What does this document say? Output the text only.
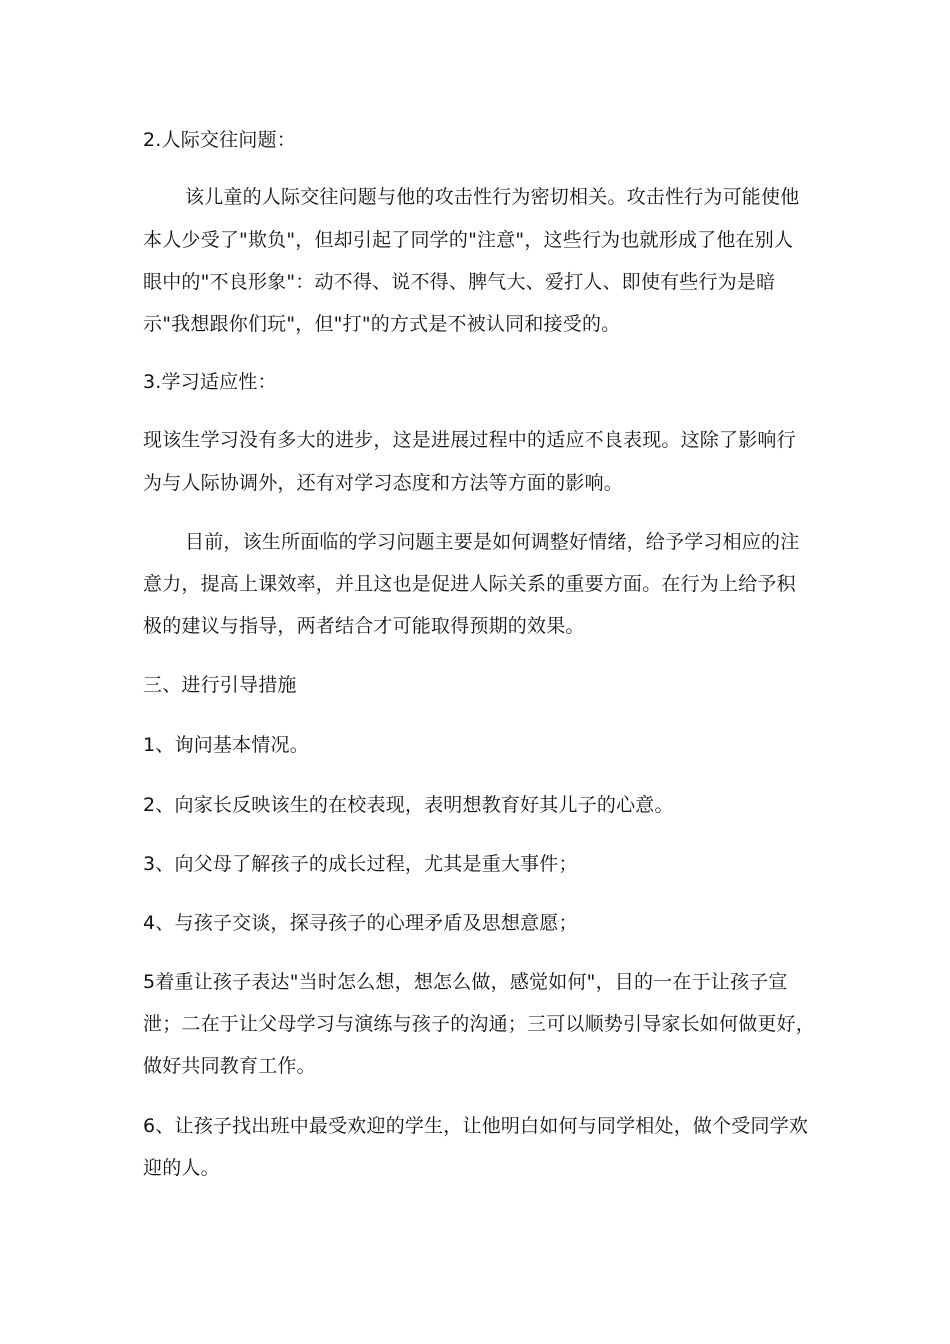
2.人际交往问题：
该儿童的人际交往问题与他的攻击性行为密切相关。攻击性行为可能使他
本人少受了"欺负"，但却引起了同学的"注意"，这些行为也就形成了他在别人
眼中的"不良形象"：动不得、说不得、脾气大、爱打人、即使有些行为是暗
示"我想跟你们玩"，但"打"的方式是不被认同和接受的。
3.学习适应性：
现该生学习没有多大的进步，这是进展过程中的适应不良表现。这除了影响行
为与人际协调外，还有对学习态度和方法等方面的影响。
目前，该生所面临的学习问题主要是如何调整好情绪，给予学习相应的注
意力，提高上课效率，并且这也是促进人际关系的重要方面。在行为上给予积
极的建议与指导，两者结合才可能取得预期的效果。
三、进行引导措施
1、询问基本情况。
2、向家长反映该生的在校表现，表明想教育好其儿子的心意。
3、向父母了解孩子的成长过程，尤其是重大事件；
4、与孩子交谈，探寻孩子的心理矛盾及思想意愿；
5着重让孩子表达"当时怎么想，想怎么做，感觉如何"，目的一在于让孩子宣
泄；二在于让父母学习与演练与孩子的沟通；三可以顺势引导家长如何做更好，
做好共同教育工作。
6、让孩子找出班中最受欢迎的学生，让他明白如何与同学相处，做个受同学欢
迎的人。
